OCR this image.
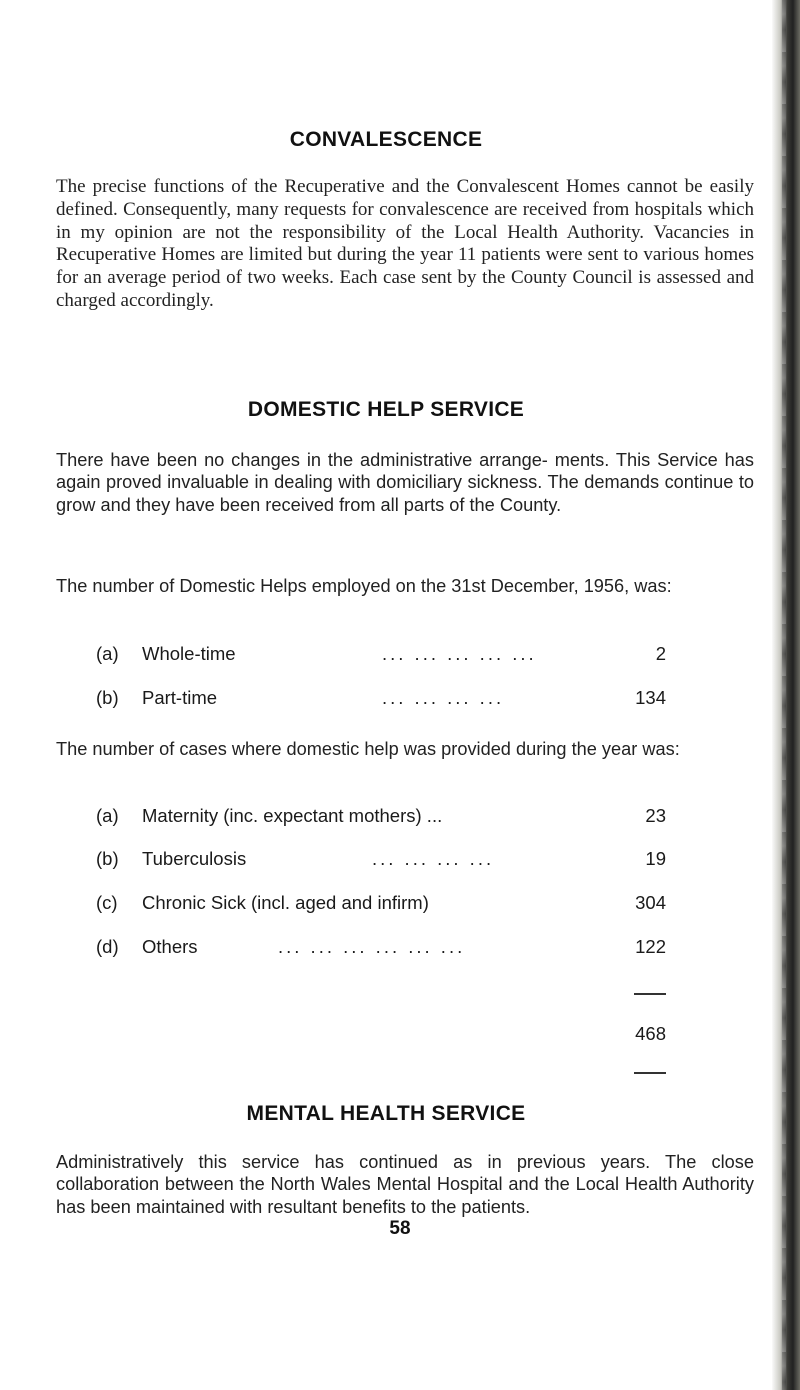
CONVALESCENCE
The precise functions of the Recuperative and the Convalescent Homes cannot be easily defined. Consequently, many requests for convalescence are received from hospitals which in my opinion are not the responsibility of the Local Health Authority. Vacancies in Recuperative Homes are limited but during the year 11 patients were sent to various homes for an average period of two weeks. Each case sent by the County Council is assessed and charged accordingly.
DOMESTIC HELP SERVICE
There have been no changes in the administrative arrange- ments. This Service has again proved invaluable in dealing with domiciliary sickness. The demands continue to grow and they have been received from all parts of the County.
The number of Domestic Helps employed on the 31st December, 1956, was:
(a) Whole-time	... ... ... ... ...	2
(b) Part-time	... ... ... ...	134
The number of cases where domestic help was provided during the year was:
(a) Maternity (inc. expectant mothers) ...	23
(b) Tuberculosis	... ... ... ...	19
(c) Chronic Sick (incl. aged and infirm)	304
(d) Others	... ... ... ... ... ...	122
468
MENTAL HEALTH SERVICE
Administratively this service has continued as in previous years. The close collaboration between the North Wales Mental Hospital and the Local Health Authority has been maintained with resultant benefits to the patients.
58
